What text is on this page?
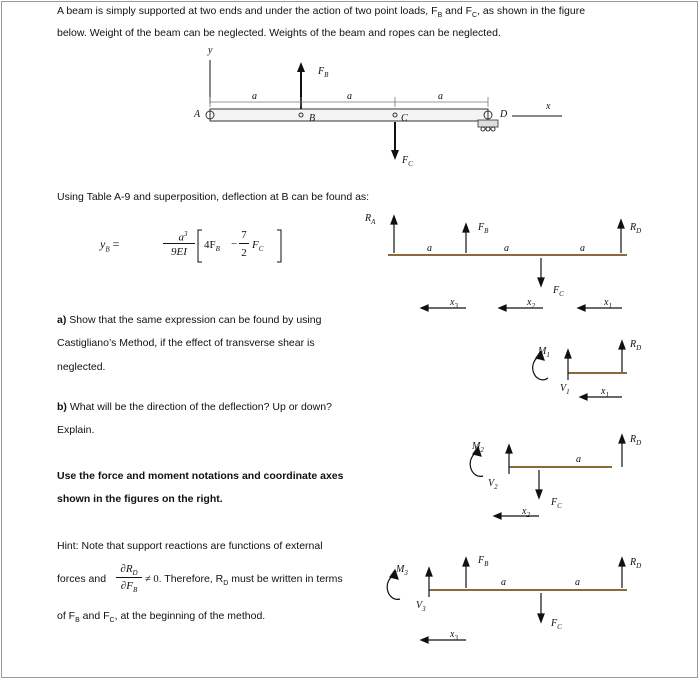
A beam is simply supported at two ends and under the action of two point loads, $F_B$ and $F_C$, as shown in the figure
below. Weight of the beam can be neglected. Weights of the beam and ropes can be neglected.
y
$F_B$
a	a	a
A	B	C	D
x
$F_C$
Using Table A-9 and superposition, deflection at B can be found as:
$y_B$ =	$a^3$
9EI
$4F_B$ −
7
2
$F_C$
a) Show that the same expression can be found by using
Castigliano’s Method, if the effect of transverse shear is
neglected.
b) What will be the direction of the deflection? Up or down?
Explain.
Use the force and moment notations and coordinate axes
shown in the figures on the right.
Hint: Note that support reactions are functions of external
forces and
$\partial R_D$
$\partial F_B$
≠ 0. Therefore, $R_D$ must be written in terms
of $F_B$ and $F_C$, at the beginning of the method.
$R_A$	$F_B$	$R_D$
a	a	a
$F_C$
$x_3$	$x_2$	$x_1$
$R_D$
$M_1$
$V_1$	$x_1$
$R_D$
a
$M_2$
$V_2$
$F_C$
$x_2$
$F_B$	$R_D$
$M_3$
a	a
$V_3$
$F_C$
$x_3$
